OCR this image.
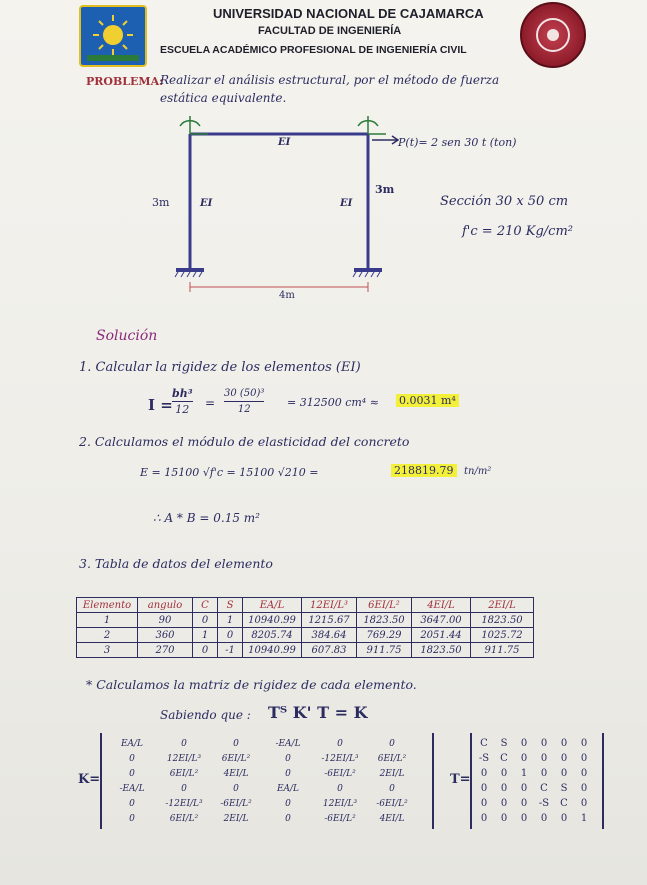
UNIVERSIDAD NACIONAL DE CAJAMARCA
FACULTAD DE INGENIERÍA
ESCUELA ACADÉMICO PROFESIONAL DE INGENIERÍA CIVIL
PROBLEMA:
Realizar el análisis estructural, por el método de fuerza
estática equivalente.
EI
EI	EI
3m
3m
4m
P(t)= 2 sen 30 t (ton)
Sección 30 x 50 cm
f'c = 210 Kg/cm²
Solución
1. Calcular la rigidez de los elementos (EI)
$I = \frac{\text{bh³}}{12} = \frac{\text{30 (50)³}}{12} = 312500$ cm⁴ ≈ 0.0031 m⁴
2. Calculamos el módulo de elasticidad del concreto
E = 15100 √f'c = 15100 √210 =	218819.79	tn/m²
∴ A * B = 0.15 m²
3. Tabla de datos del elemento
Elemento	angulo	C	S	EA/L	12EI/L³	6EI/L²	4EI/L	2EI/L
1	90	0	1	10940.99	1215.67	1823.50	3647.00	1823.50
2	360	1	0	8205.74	384.64	769.29	2051.44	1025.72
3	270	0	-1	10940.99	607.83	911.75	1823.50	911.75
* Calculamos la matriz de rigidez de cada elemento.
Sabiendo que : Tᵀ K' T = K
K=
EA/L	0	0	-EA/L	0	0
0	12EI/L³	6EI/L²	0	-12EI/L³	6EI/L²
0	6EI/L²	4EI/L	0	-6EI/L²	2EI/L
-EA/L	0	0	EA/L	0	0
0	-12EI/L³	-6EI/L²	0	12EI/L³	-6EI/L²
0	6EI/L²	2EI/L	0	-6EI/L²	4EI/L
T=
C	S	0	0	0	0
-S	C	0	0	0	0
0	0	1	0	0	0
0	0	0	C	S	0
0	0	0	-S	C	0
0	0	0	0	0	1
